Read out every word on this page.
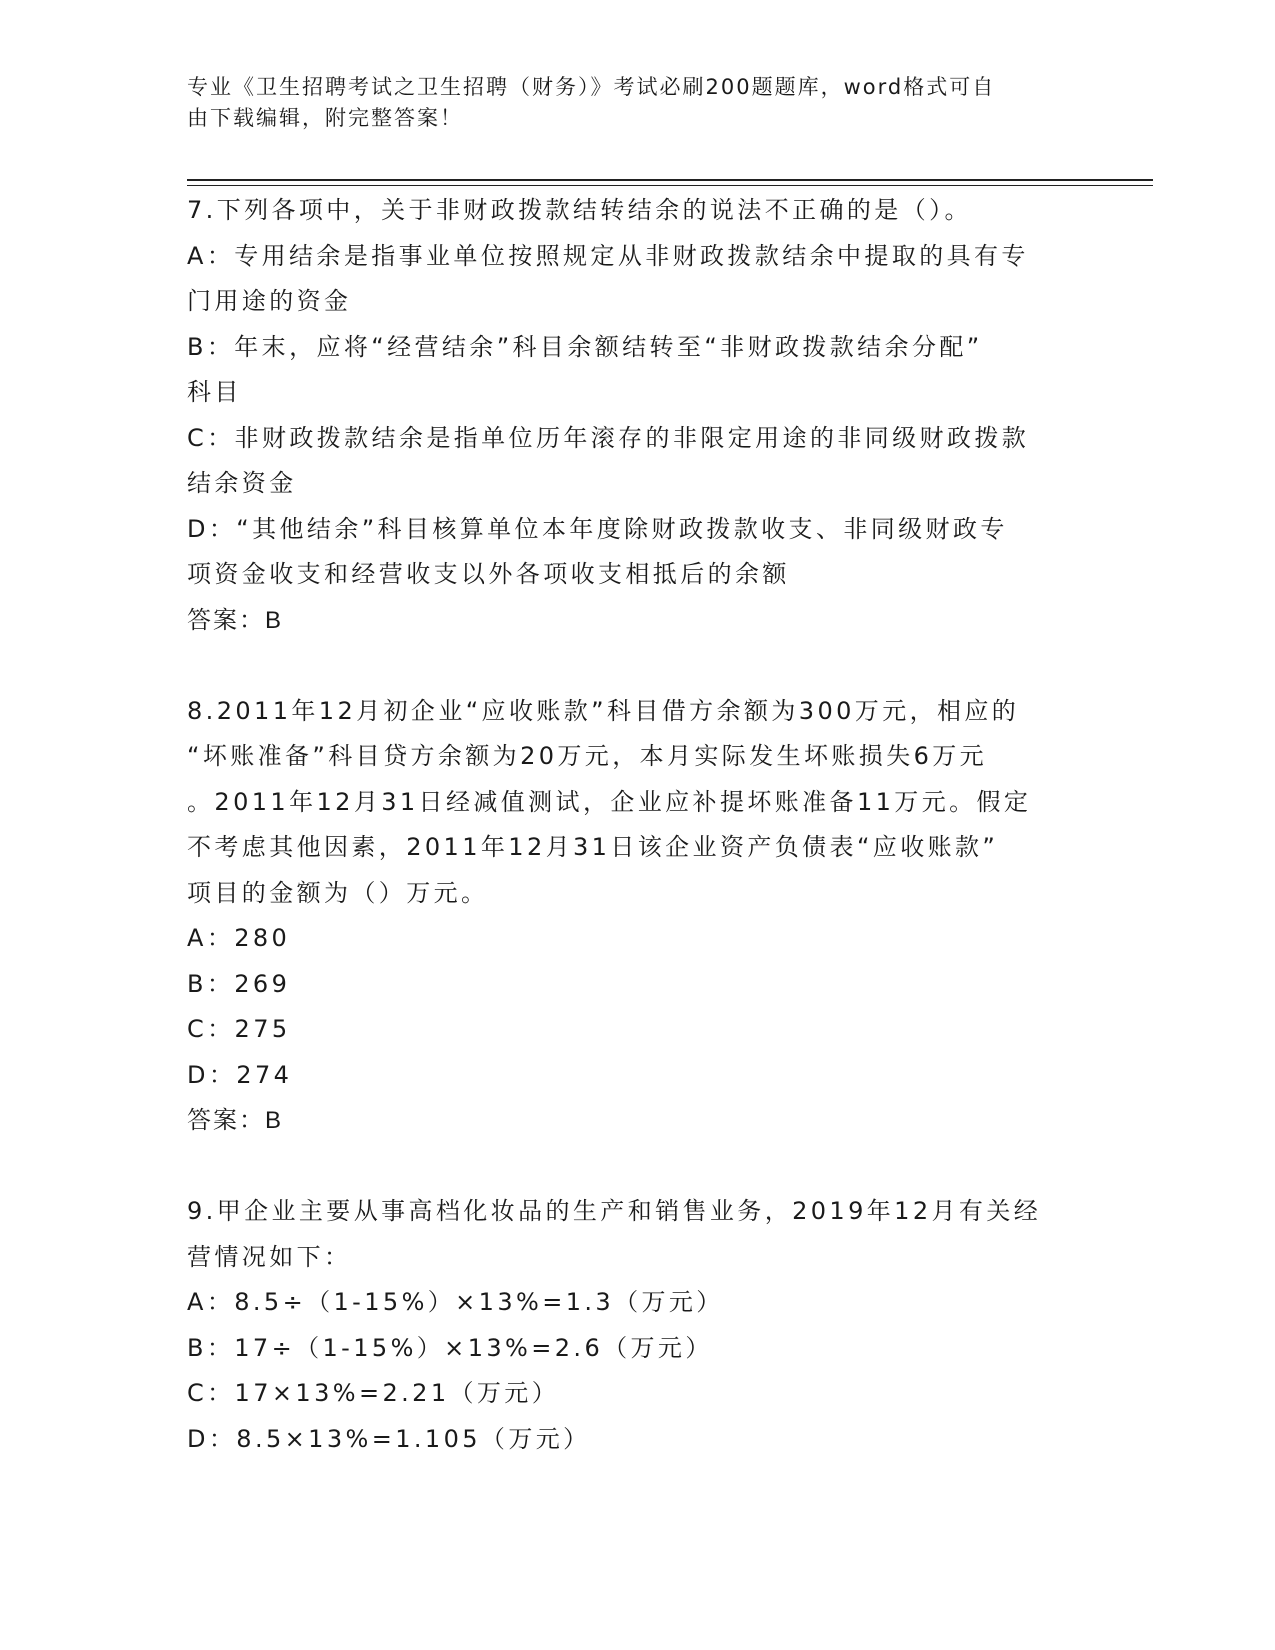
专业《卫生招聘考试之卫生招聘（财务）》考试必刷200题题库，word格式可自
由下载编辑，附完整答案！
7.下列各项中，关于非财政拨款结转结余的说法不正确的是（）。
A：专用结余是指事业单位按照规定从非财政拨款结余中提取的具有专
门用途的资金
B：年末，应将“经营结余”科目余额结转至“非财政拨款结余分配”
科目
C：非财政拨款结余是指单位历年滚存的非限定用途的非同级财政拨款
结余资金
D：“其他结余”科目核算单位本年度除财政拨款收支、非同级财政专
项资金收支和经营收支以外各项收支相抵后的余额
答案：B
8.2011年12月初企业“应收账款”科目借方余额为300万元，相应的
“坏账准备”科目贷方余额为20万元，本月实际发生坏账损失6万元
。2011年12月31日经减值测试，企业应补提坏账准备11万元。假定
不考虑其他因素，2011年12月31日该企业资产负债表“应收账款”
项目的金额为（）万元。
A：280
B：269
C：275
D：274
答案：B
9.甲企业主要从事高档化妆品的生产和销售业务，2019年12月有关经
营情况如下：
A：8.5÷（1-15%）×13%=1.3（万元）
B：17÷（1-15%）×13%=2.6（万元）
C：17×13%=2.21（万元）
D：8.5×13%=1.105（万元）
